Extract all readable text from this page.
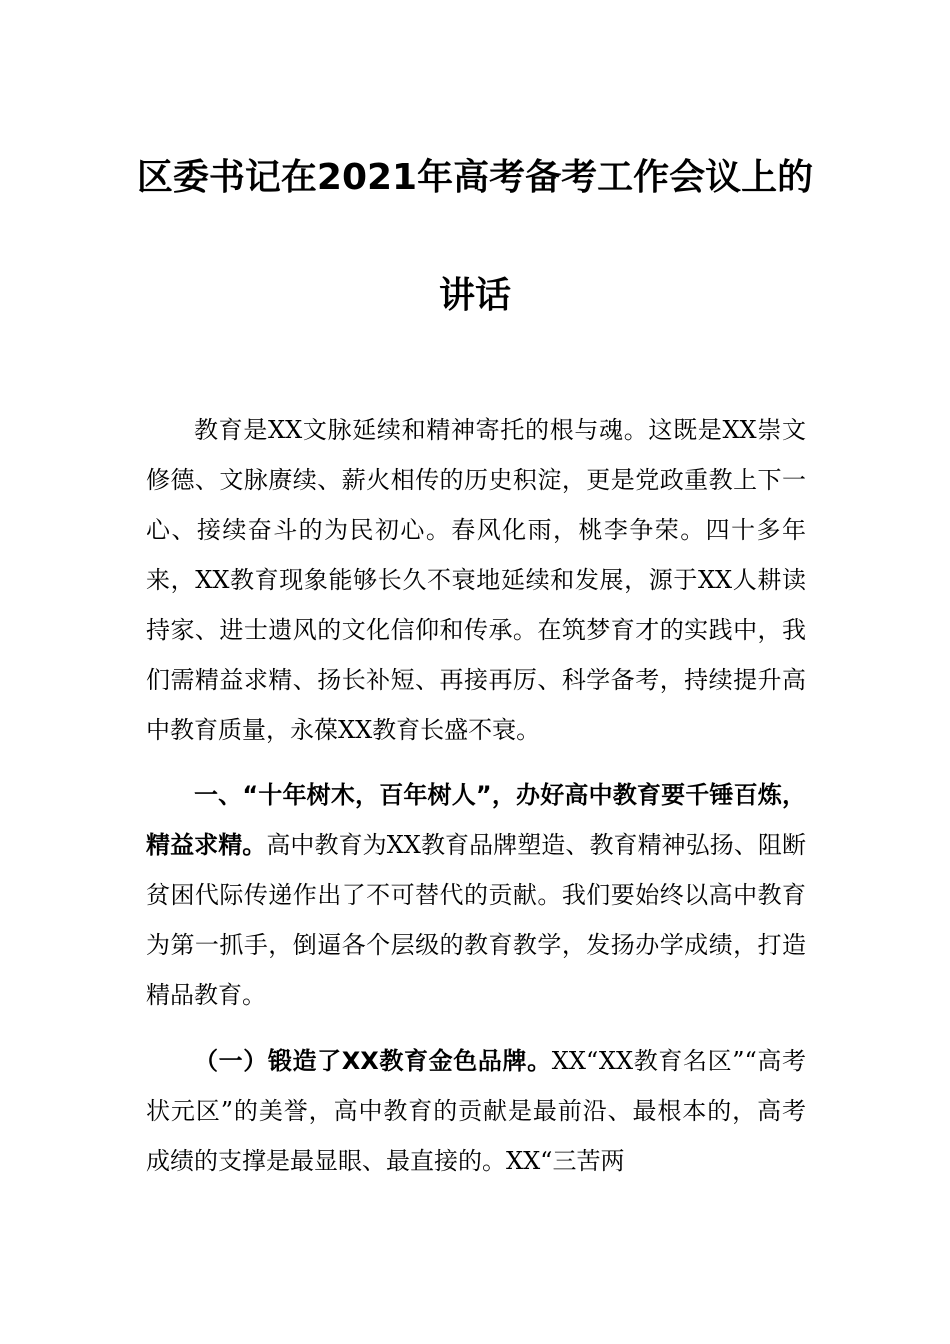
区委书记在2021年高考备考工作会议上的
讲话

教育是XX文脉延续和精神寄托的根与魂。这既是XX崇文修德、文脉赓续、薪火相传的历史积淀，更是党政重教上下一心、接续奋斗的为民初心。春风化雨，桃李争荣。四十多年来，XX教育现象能够长久不衰地延续和发展，源于XX人耕读持家、进士遗风的文化信仰和传承。在筑梦育才的实践中，我们需精益求精、扬长补短、再接再厉、科学备考，持续提升高中教育质量，永葆XX教育长盛不衰。

一、“十年树木，百年树人”，办好高中教育要千锤百炼，精益求精。高中教育为XX教育品牌塑造、教育精神弘扬、阻断贫困代际传递作出了不可替代的贡献。我们要始终以高中教育为第一抓手，倒逼各个层级的教育教学，发扬办学成绩，打造精品教育。

（一）锻造了XX教育金色品牌。XX“XX教育名区”“高考状元区”的美誉，高中教育的贡献是最前沿、最根本的，高考成绩的支撑是最显眼、最直接的。XX“三苦两
